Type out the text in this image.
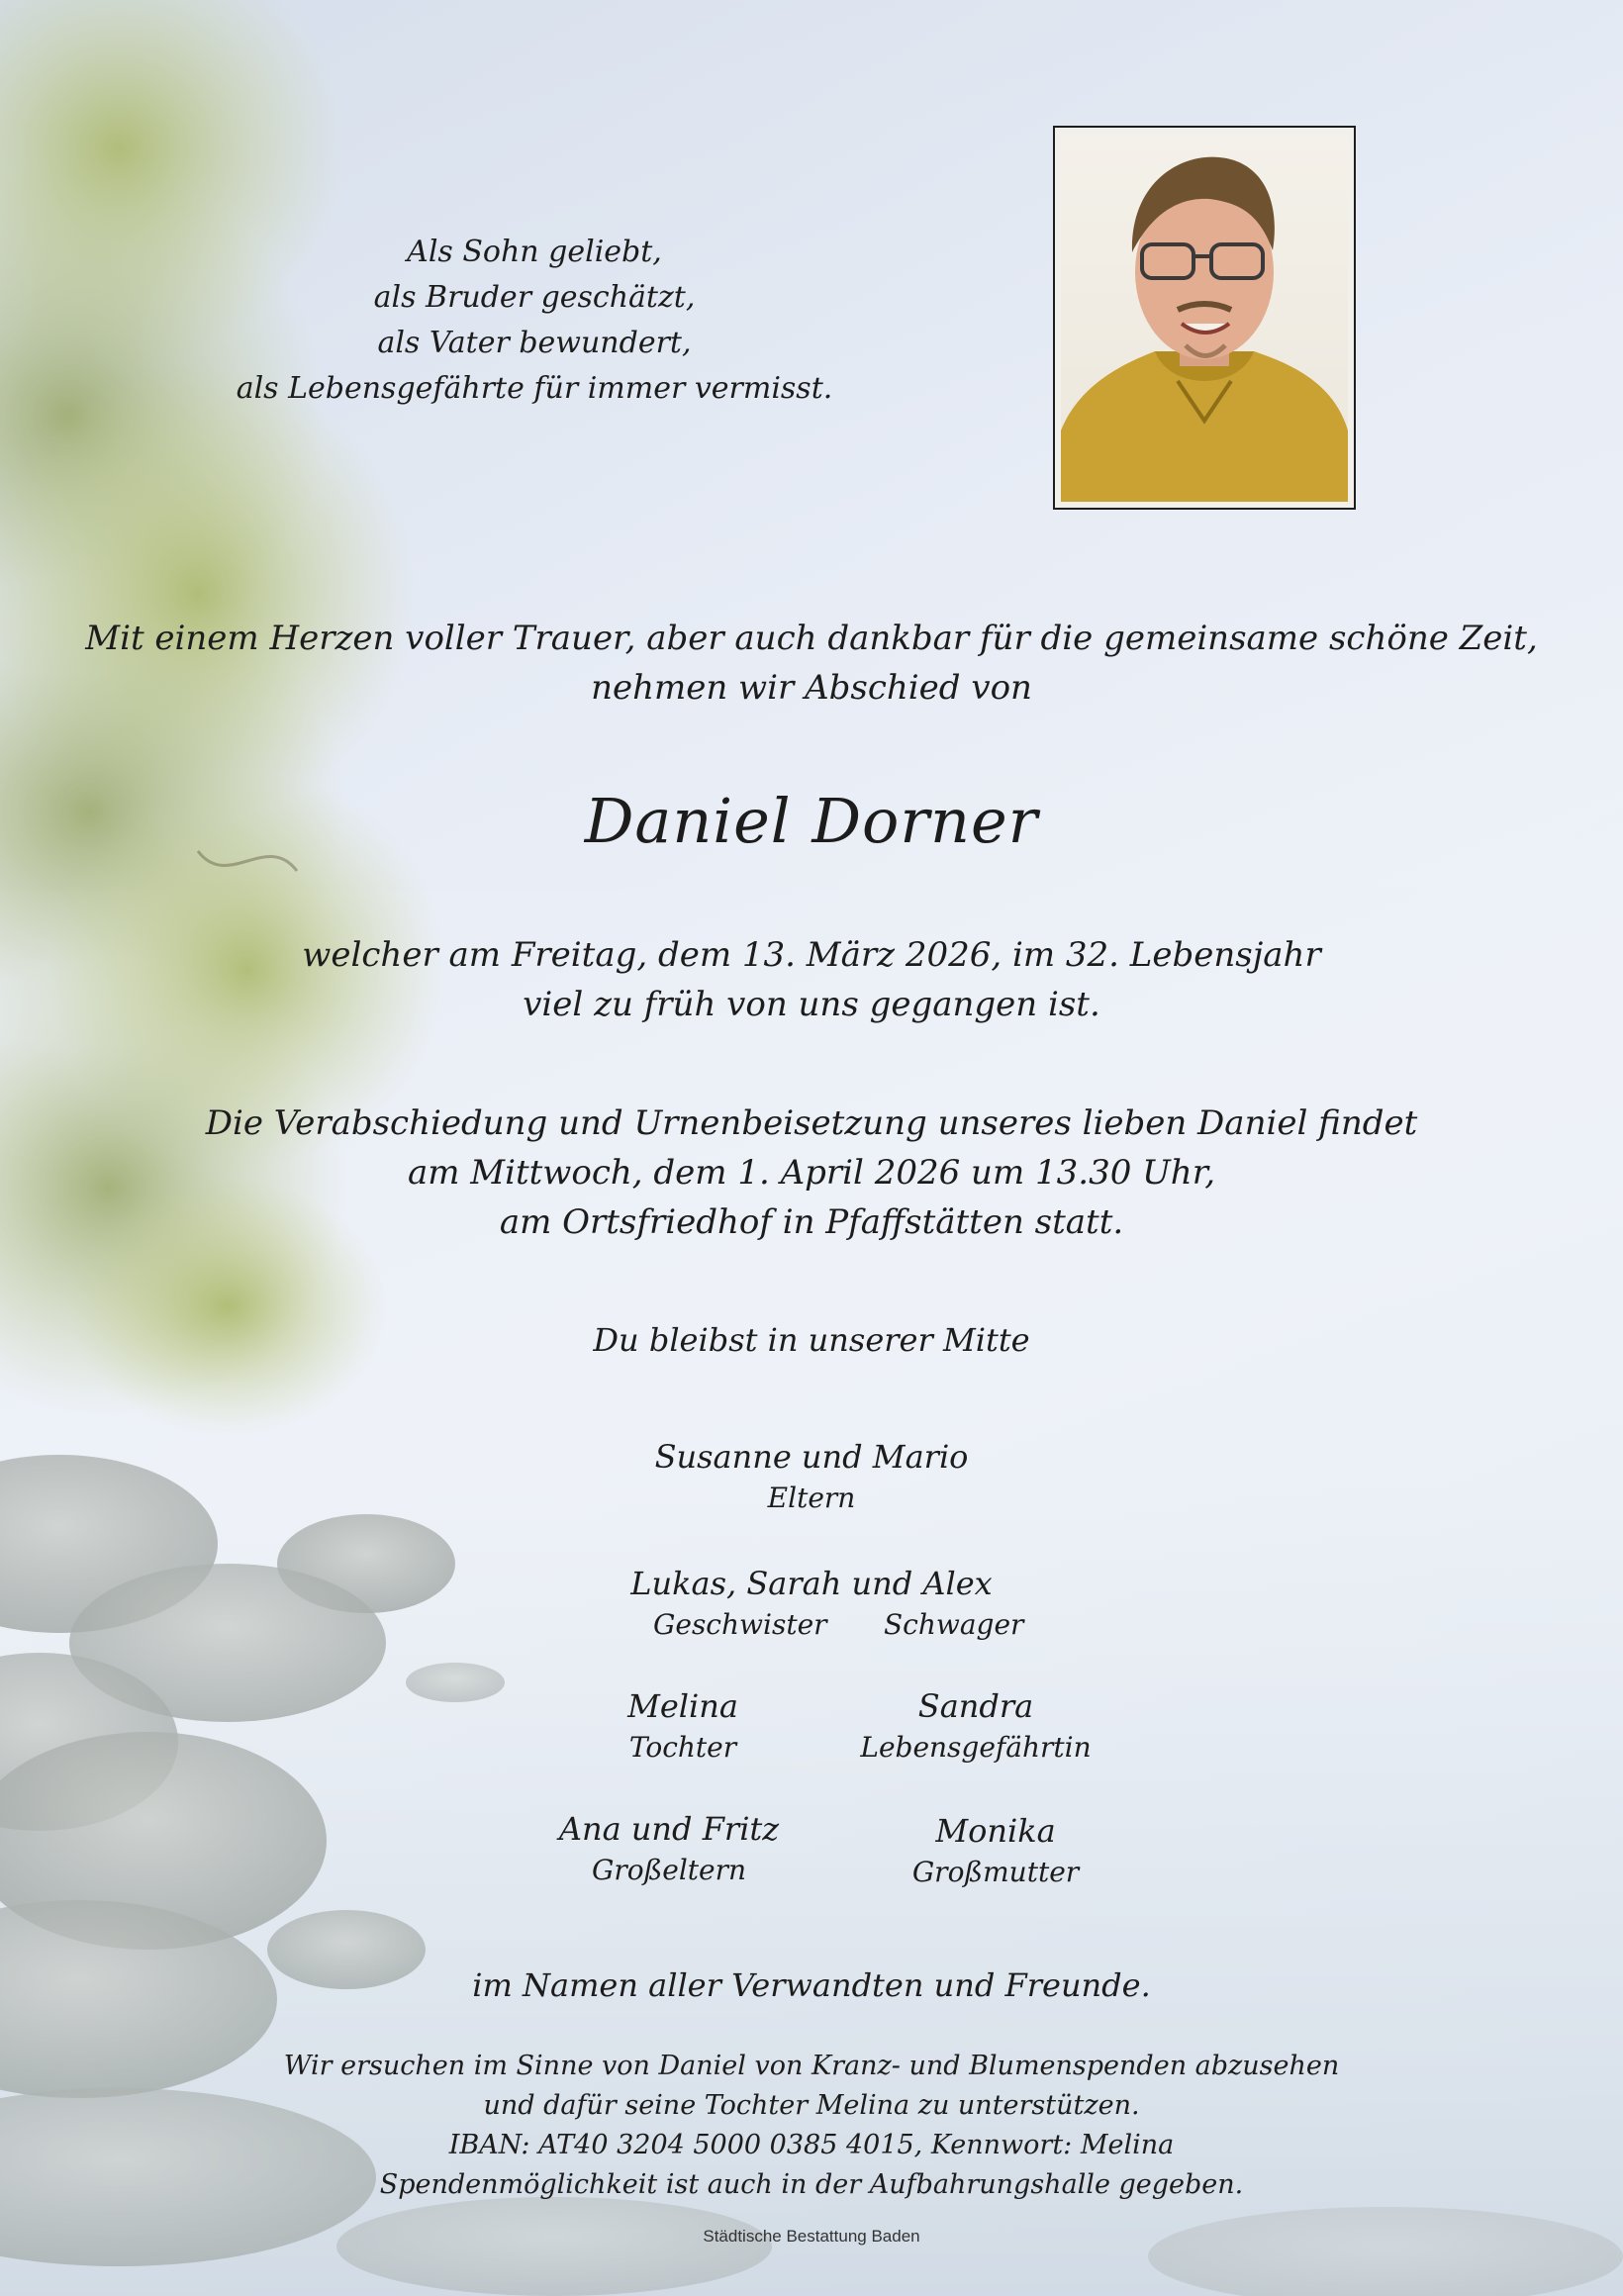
Als Sohn geliebt,
als Bruder geschätzt,
als Vater bewundert,
als Lebensgefährte für immer vermisst.
Mit einem Herzen voller Trauer, aber auch dankbar für die gemeinsame schöne Zeit,
nehmen wir Abschied von
Daniel Dorner
welcher am Freitag, dem 13. März 2026, im 32. Lebensjahr
viel zu früh von uns gegangen ist.
Die Verabschiedung und Urnenbeisetzung unseres lieben Daniel findet
am Mittwoch, dem 1. April 2026 um 13.30 Uhr,
am Ortsfriedhof in Pfaffstätten statt.
Du bleibst in unserer Mitte
Susanne und Mario
Eltern
Lukas, Sarah und Alex
Geschwister Schwager
Melina
Tochter
Sandra
Lebensgefährtin
Ana und Fritz
Großeltern
Monika
Großmutter
im Namen aller Verwandten und Freunde.
Wir ersuchen im Sinne von Daniel von Kranz- und Blumenspenden abzusehen
und dafür seine Tochter Melina zu unterstützen.
IBAN: AT40 3204 5000 0385 4015, Kennwort: Melina
Spendenmöglichkeit ist auch in der Aufbahrungshalle gegeben.
Städtische Bestattung Baden
